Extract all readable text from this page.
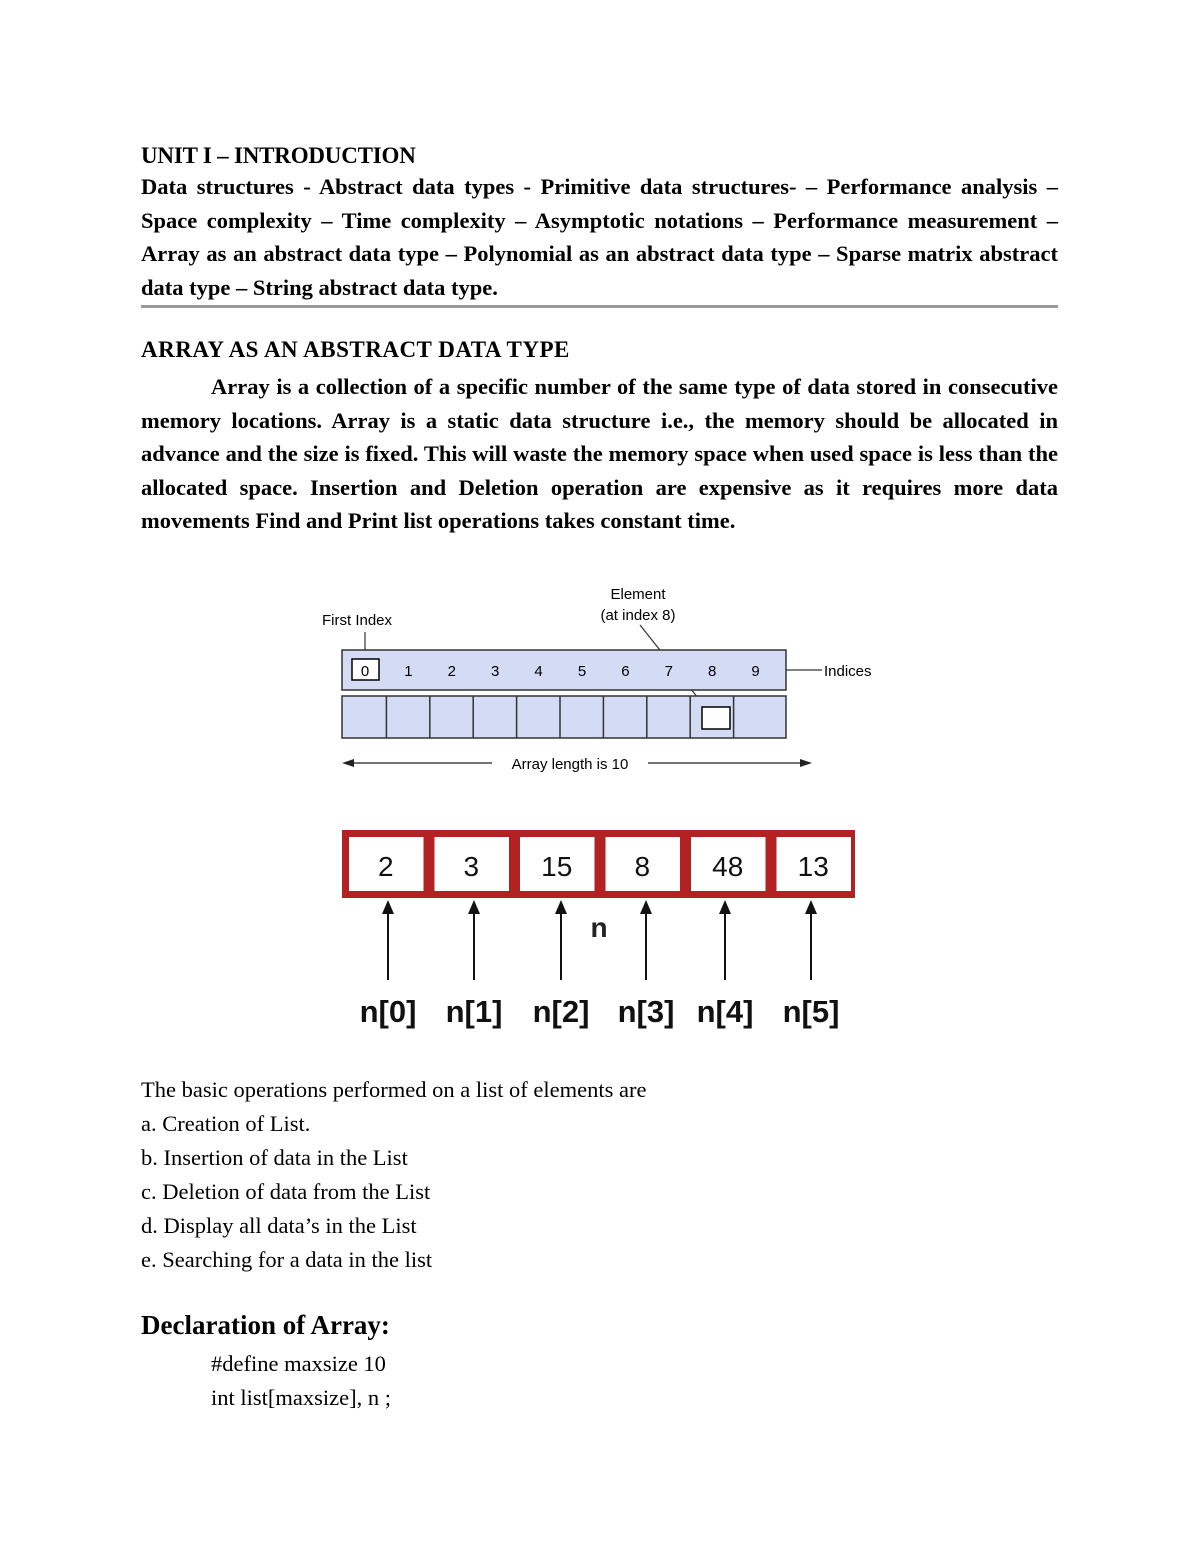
UNIT I – INTRODUCTION
Data structures - Abstract data types - Primitive data structures- – Performance analysis – Space complexity – Time complexity – Asymptotic notations – Performance measurement – Array as an abstract data type – Polynomial as an abstract data type – Sparse matrix abstract data type – String abstract data type.
ARRAY AS AN ABSTRACT DATA TYPE
Array is a collection of a specific number of the same type of data stored in consecutive memory locations. Array is a static data structure i.e., the memory should be allocated in advance and the size is fixed. This will waste the memory space when used space is less than the allocated space. Insertion and Deletion operation are expensive as it requires more data movements Find and Print list operations takes constant time.
First Index
Element
(at index 8)
0 1 2 3 4 5 6 7 8 9	Indices
Array length is 10
2 3 15 8 48 13
n
n[0] n[1] n[2] n[3] n[4] n[5]
The basic operations performed on a list of elements are
a. Creation of List.
b. Insertion of data in the List
c. Deletion of data from the List
d. Display all data’s in the List
e. Searching for a data in the list
Declaration of Array:
#define maxsize 10
int list[maxsize], n ;
